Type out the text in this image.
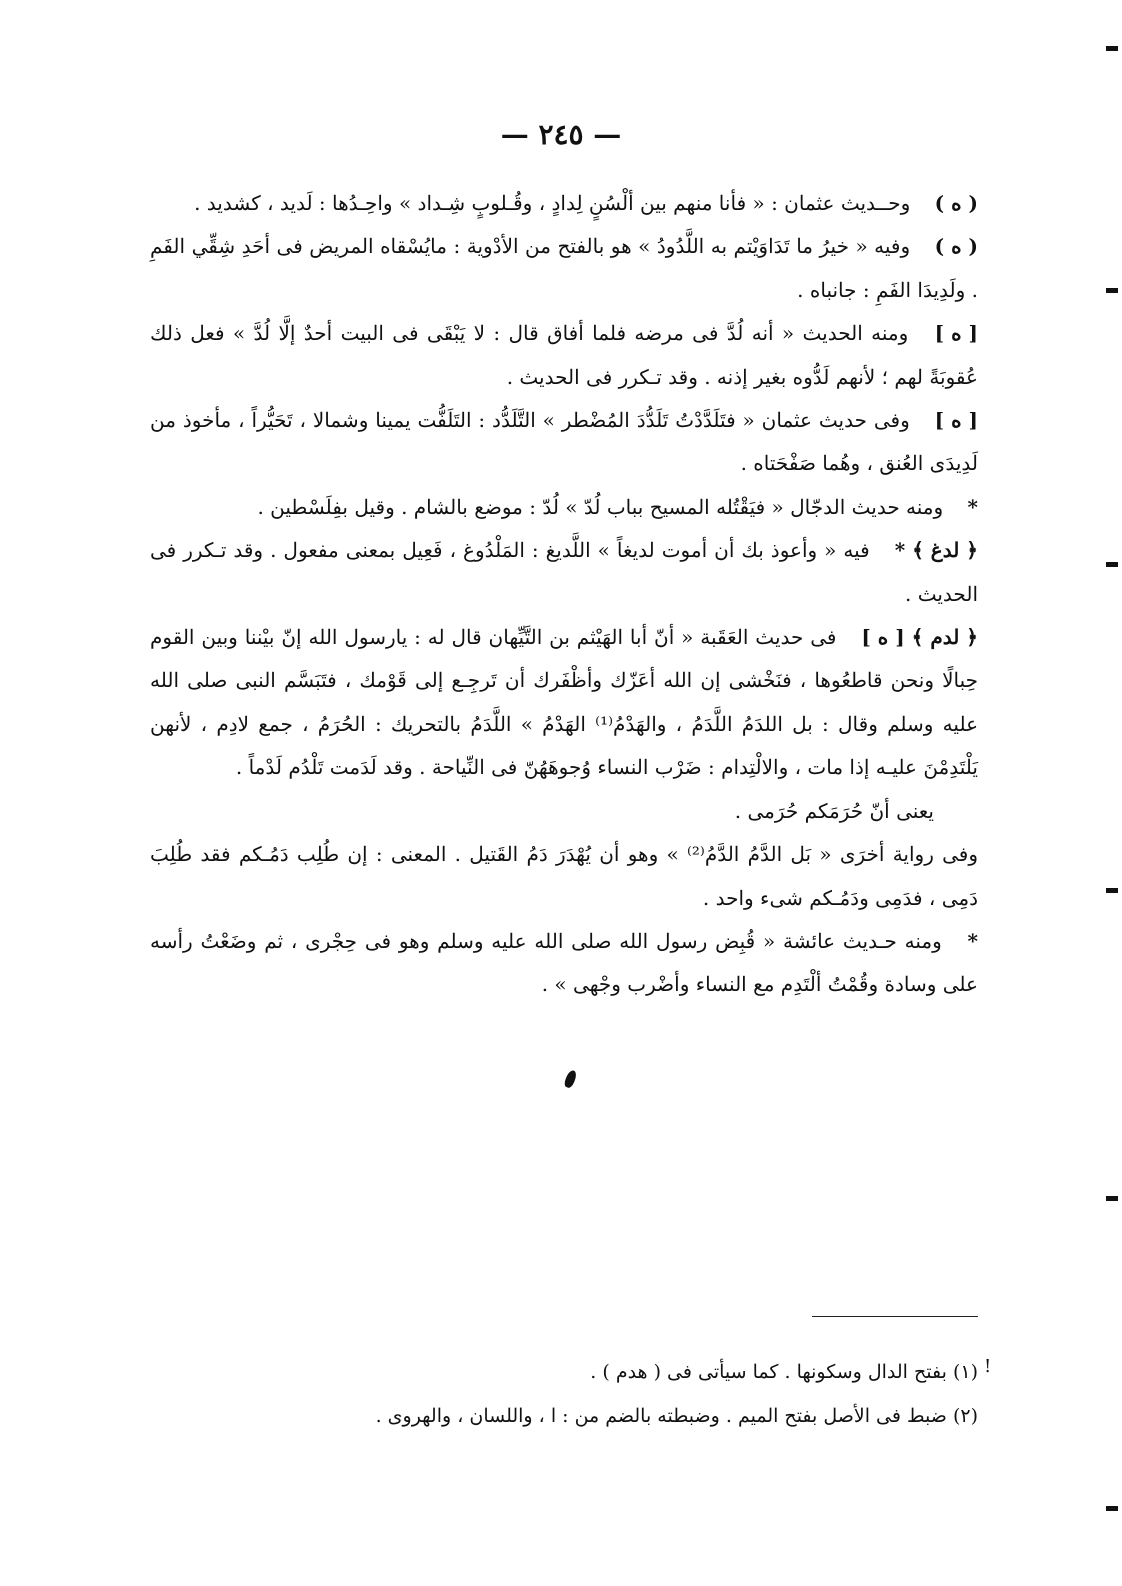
— ٢٤٥ —

( ه ) وحــديث عثمان : « فأنا منهم بين ألْسُنٍ لِدادٍ ، وقُـلوبٍ شِـداد » واحِـدُها : لَديد ، كشديد .

( ه ) وفيه « خيرُ ما تَدَاوَيْتم به اللَّدُودُ » هو بالفتح من الأدْوية : مايُسْقاه المريض فى أحَدِ شِقِّي الفَمِ . ولَدِيدَا الفَمِ : جانباه .

[ ه ] ومنه الحديث « أنه لُدَّ فى مرضه فلما أفاق قال : لا يَبْقَى فى البيت أحدٌ إلَّا لُدَّ » فعل ذلك عُقوبَةً لهم ؛ لأنهم لَدُّوه بغير إذنه . وقد تـكرر فى الحديث .

[ ه ] وفى حديث عثمان « فتَلَدَّدْتُ تَلَدُّدَ المُضْطر » التَّلَدُّد : التَلَفُّت يمينا وشمالا ، تَحَيُّراً ، مأخوذ من لَدِيدَى العُنق ، وهُما صَفْحَتاه .

* ومنه حديث الدجّال « فيَقْتُله المسيح بباب لُدّ » لُدّ : موضع بالشام . وقيل بفِلَسْطين .

﴿ لدغ ﴾ * فيه « وأعوذ بك أن أموت لديغاً » اللَّديغ : المَلْدُوغ ، فَعِيل بمعنى مفعول . وقد تـكرر فى الحديث .

﴿ لدم ﴾ [ ه ] فى حديث العَقَبة « أنّ أبا الهَيْثم بن التَّيِّهان قال له : يارسول الله إنّ بيْننا وبين القوم حِبالًا ونحن قاطعُوها ، فنَخْشى إن الله أعَزّك وأظْفَرك أن تَرجِـع إلى قَوْمك ، فتَبَسَّم النبى صلى الله عليه وسلم وقال : بل اللدَمُ اللَّدَمُ ، والهَدْمُ⁽¹⁾ الهَدْمُ » اللَّدَمُ بالتحريك : الحُرَمُ ، جمع لادِم ، لأنهن يَلْتَدِمْنَ عليـه إذا مات ، والالْتِدام : ضَرْب النساء وُجوهَهُنّ فى النِّياحة . وقد لَدَمت تَلْدُم لَدْماً .

يعنى أنّ حُرَمَكم حُرَمى .

وفى رواية أخرَى « بَل الدَّمُ الدَّمُ⁽²⁾ » وهو أن يُهْدَرَ دَمُ القَتيل . المعنى : إن طُلِب دَمُـكم فقد طُلِبَ دَمِى ، فدَمِى ودَمُـكم شىء واحد .

* ومنه حـديث عائشة « قُبِض رسول الله صلى الله عليه وسلم وهو فى حِجْرى ، ثم وضَعْتُ رأسه على وسادة وقُمْتُ ألْتَدِم مع النساء وأضْرب وجْهى » .

(١) بفتح الدال وسكونها . كما سيأتى فى ( هدم ) .

(٢) ضبط فى الأصل بفتح الميم . وضبطته بالضم من : ا ، واللسان ، والهروى .

!
